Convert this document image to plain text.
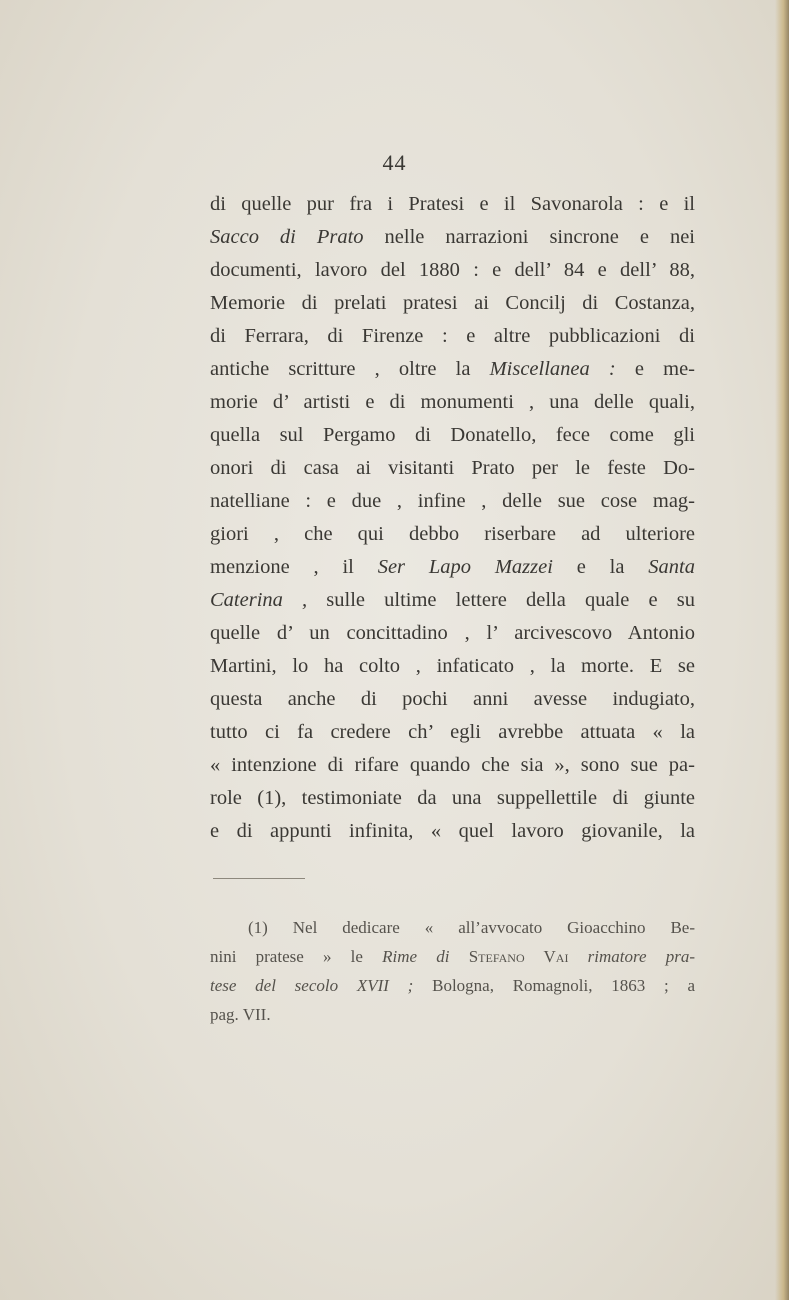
44
di quelle pur fra i Pratesi e il Savonarola : e il
Sacco di Prato nelle narrazioni sincrone e nei
documenti, lavoro del 1880 : e dell’ 84 e dell’ 88,
Memorie di prelati pratesi ai Concilj di Costanza,
di Ferrara, di Firenze : e altre pubblicazioni di
antiche scritture , oltre la Miscellanea : e me-
morie d’ artisti e di monumenti , una delle quali,
quella sul Pergamo di Donatello, fece come gli
onori di casa ai visitanti Prato per le feste Do-
natelliane : e due , infine , delle sue cose mag-
giori , che qui debbo riserbare ad ulteriore
menzione , il Ser Lapo Mazzei e la Santa
Caterina , sulle ultime lettere della quale e su
quelle d’ un concittadino , l’ arcivescovo Antonio
Martini, lo ha colto , infaticato , la morte. E se
questa anche di pochi anni avesse indugiato,
tutto ci fa credere ch’ egli avrebbe attuata « la
« intenzione di rifare quando che sia », sono sue pa-
role (1), testimoniate da una suppellettile di giunte
e di appunti infinita, « quel lavoro giovanile, la
(1) Nel dedicare « all’avvocato Gioacchino Be-
nini pratese » le Rime di Stefano Vai rimatore pra-
tese del secolo XVII ; Bologna, Romagnoli, 1863 ; a
pag. VII.
